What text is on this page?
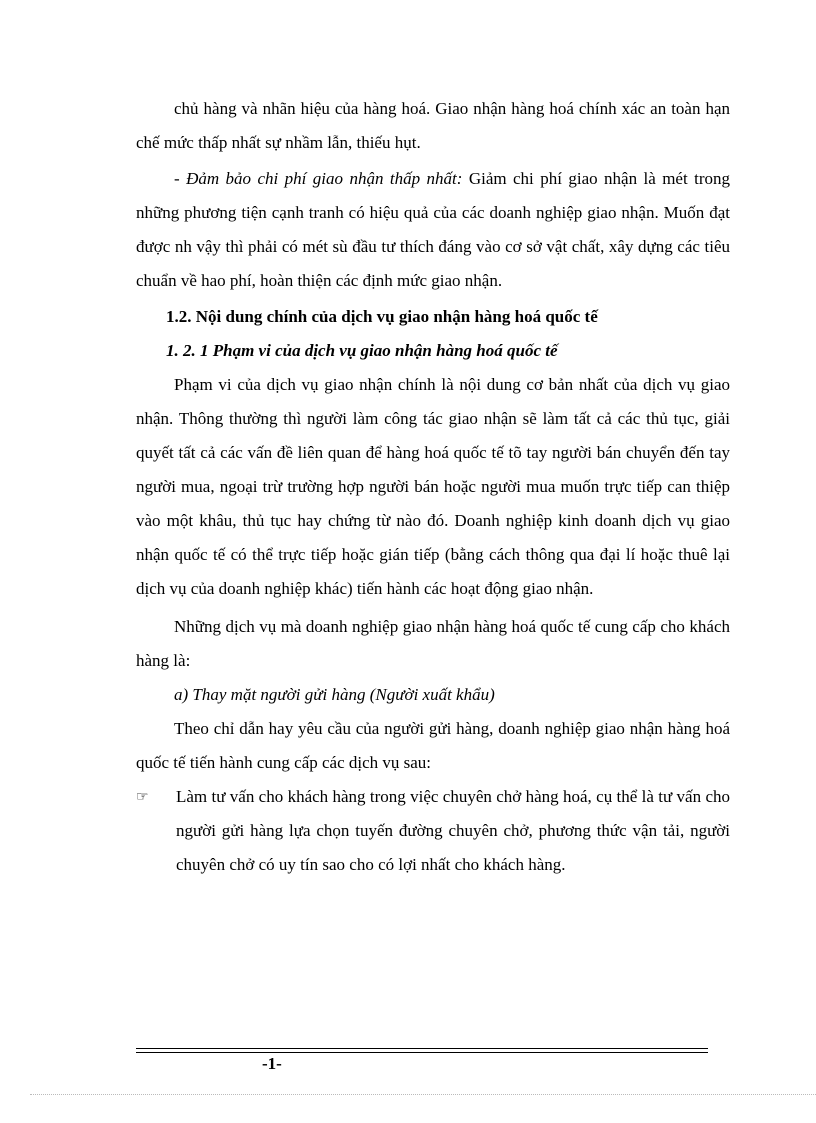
chủ hàng và nhãn hiệu của hàng hoá. Giao nhận hàng hoá chính xác an toàn hạn chế mức thấp nhất sự nhầm lẫn, thiếu hụt.

- Đảm bảo chi phí giao nhận thấp nhất: Giảm chi phí giao nhận là mét trong những phương tiện cạnh tranh có hiệu quả của các doanh nghiệp giao nhận. Muốn đạt được nh vậy thì phải có mét sù đầu tư thích đáng vào cơ sở vật chất, xây dựng các tiêu chuẩn về hao phí, hoàn thiện các định mức giao nhận.

1.2. Nội dung chính của dịch vụ giao nhận hàng hoá quốc tế

1. 2. 1 Phạm vi của dịch vụ giao nhận hàng hoá quốc tế

Phạm vi của dịch vụ giao nhận chính là nội dung cơ bản nhất của dịch vụ giao nhận. Thông thường thì người làm công tác giao nhận sẽ làm tất cả các thủ tục, giải quyết tất cả các vấn đề liên quan để hàng hoá quốc tế tõ tay người bán chuyển đến tay người mua, ngoại trừ trường hợp người bán hoặc người mua muốn trực tiếp can thiệp vào một khâu, thủ tục hay chứng từ nào đó. Doanh nghiệp kinh doanh dịch vụ giao nhận quốc tế có thể trực tiếp hoặc gián tiếp (bằng cách thông qua đại lí hoặc thuê lại dịch vụ của doanh nghiệp khác) tiến hành các hoạt động giao nhận.

Những dịch vụ mà doanh nghiệp giao nhận hàng hoá quốc tế cung cấp cho khách hàng là:

a) Thay mặt người gửi hàng (Người xuất khẩu)

Theo chỉ dẫn hay yêu cầu của người gửi hàng, doanh nghiệp giao nhận hàng hoá quốc tế tiến hành cung cấp các dịch vụ sau:

☞ Làm tư vấn cho khách hàng trong việc chuyên chở hàng hoá, cụ thể là tư vấn cho người gửi hàng lựa chọn tuyến đường chuyên chở, phương thức vận tải, người chuyên chở có uy tín sao cho có lợi nhất cho khách hàng.

-1-
